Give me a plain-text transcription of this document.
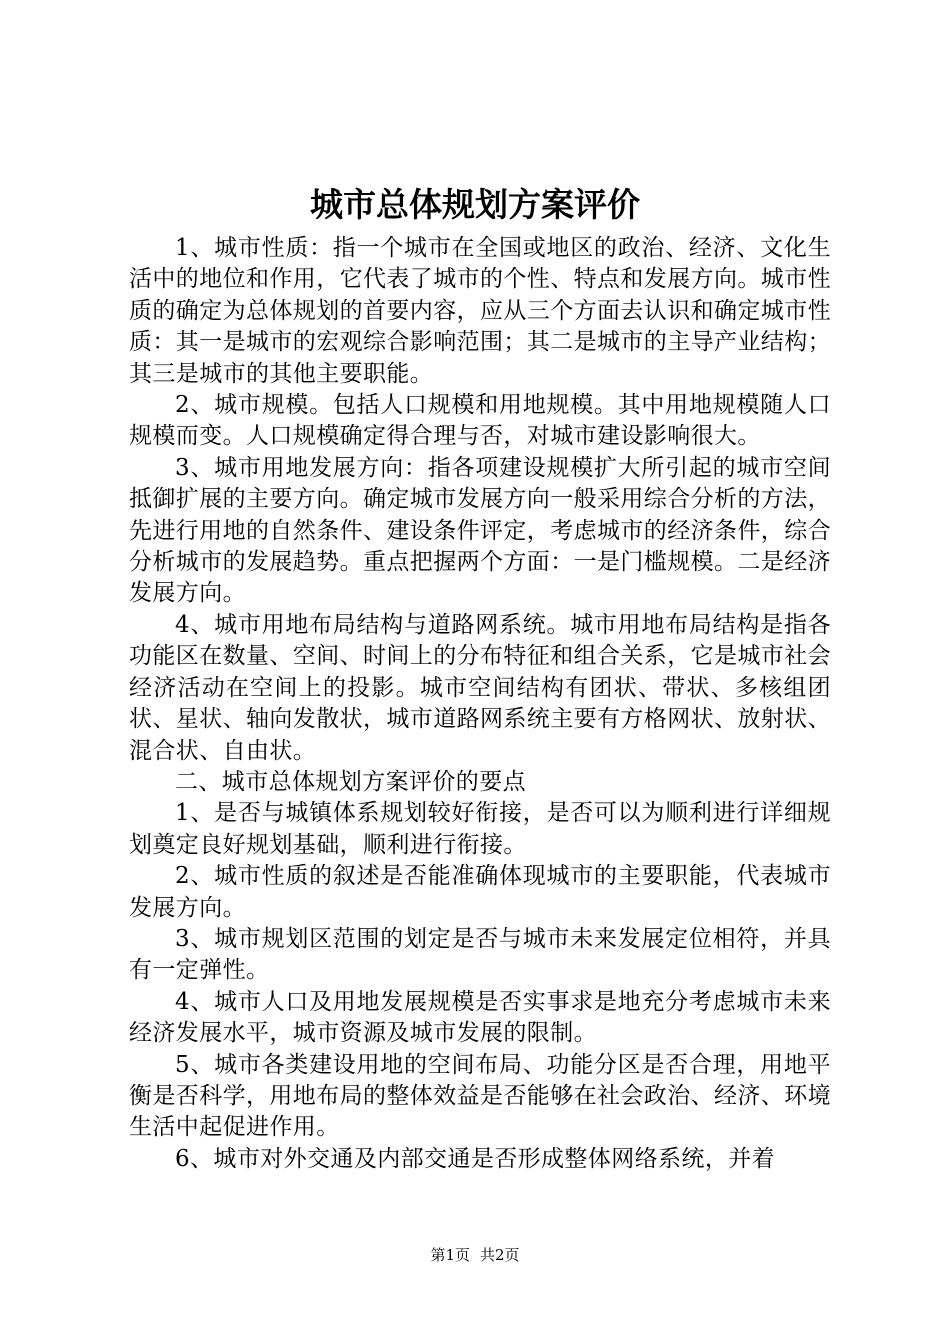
城市总体规划方案评价

1、城市性质：指一个城市在全国或地区的政治、经济、文化生活中的地位和作用，它代表了城市的个性、特点和发展方向。城市性质的确定为总体规划的首要内容，应从三个方面去认识和确定城市性质：其一是城市的宏观综合影响范围；其二是城市的主导产业结构；其三是城市的其他主要职能。

2、城市规模。包括人口规模和用地规模。其中用地规模随人口规模而变。人口规模确定得合理与否，对城市建设影响很大。

3、城市用地发展方向：指各项建设规模扩大所引起的城市空间抵御扩展的主要方向。确定城市发展方向一般采用综合分析的方法，先进行用地的自然条件、建设条件评定，考虑城市的经济条件，综合分析城市的发展趋势。重点把握两个方面：一是门槛规模。二是经济发展方向。

4、城市用地布局结构与道路网系统。城市用地布局结构是指各功能区在数量、空间、时间上的分布特征和组合关系，它是城市社会经济活动在空间上的投影。城市空间结构有团状、带状、多核组团状、星状、轴向发散状，城市道路网系统主要有方格网状、放射状、混合状、自由状。

二、城市总体规划方案评价的要点

1、是否与城镇体系规划较好衔接，是否可以为顺利进行详细规划奠定良好规划基础，顺利进行衔接。

2、城市性质的叙述是否能准确体现城市的主要职能，代表城市发展方向。

3、城市规划区范围的划定是否与城市未来发展定位相符，并具有一定弹性。

4、城市人口及用地发展规模是否实事求是地充分考虑城市未来经济发展水平，城市资源及城市发展的限制。

5、城市各类建设用地的空间布局、功能分区是否合理，用地平衡是否科学，用地布局的整体效益是否能够在社会政治、经济、环境生活中起促进作用。

6、城市对外交通及内部交通是否形成整体网络系统，并着

第1页 共2页
